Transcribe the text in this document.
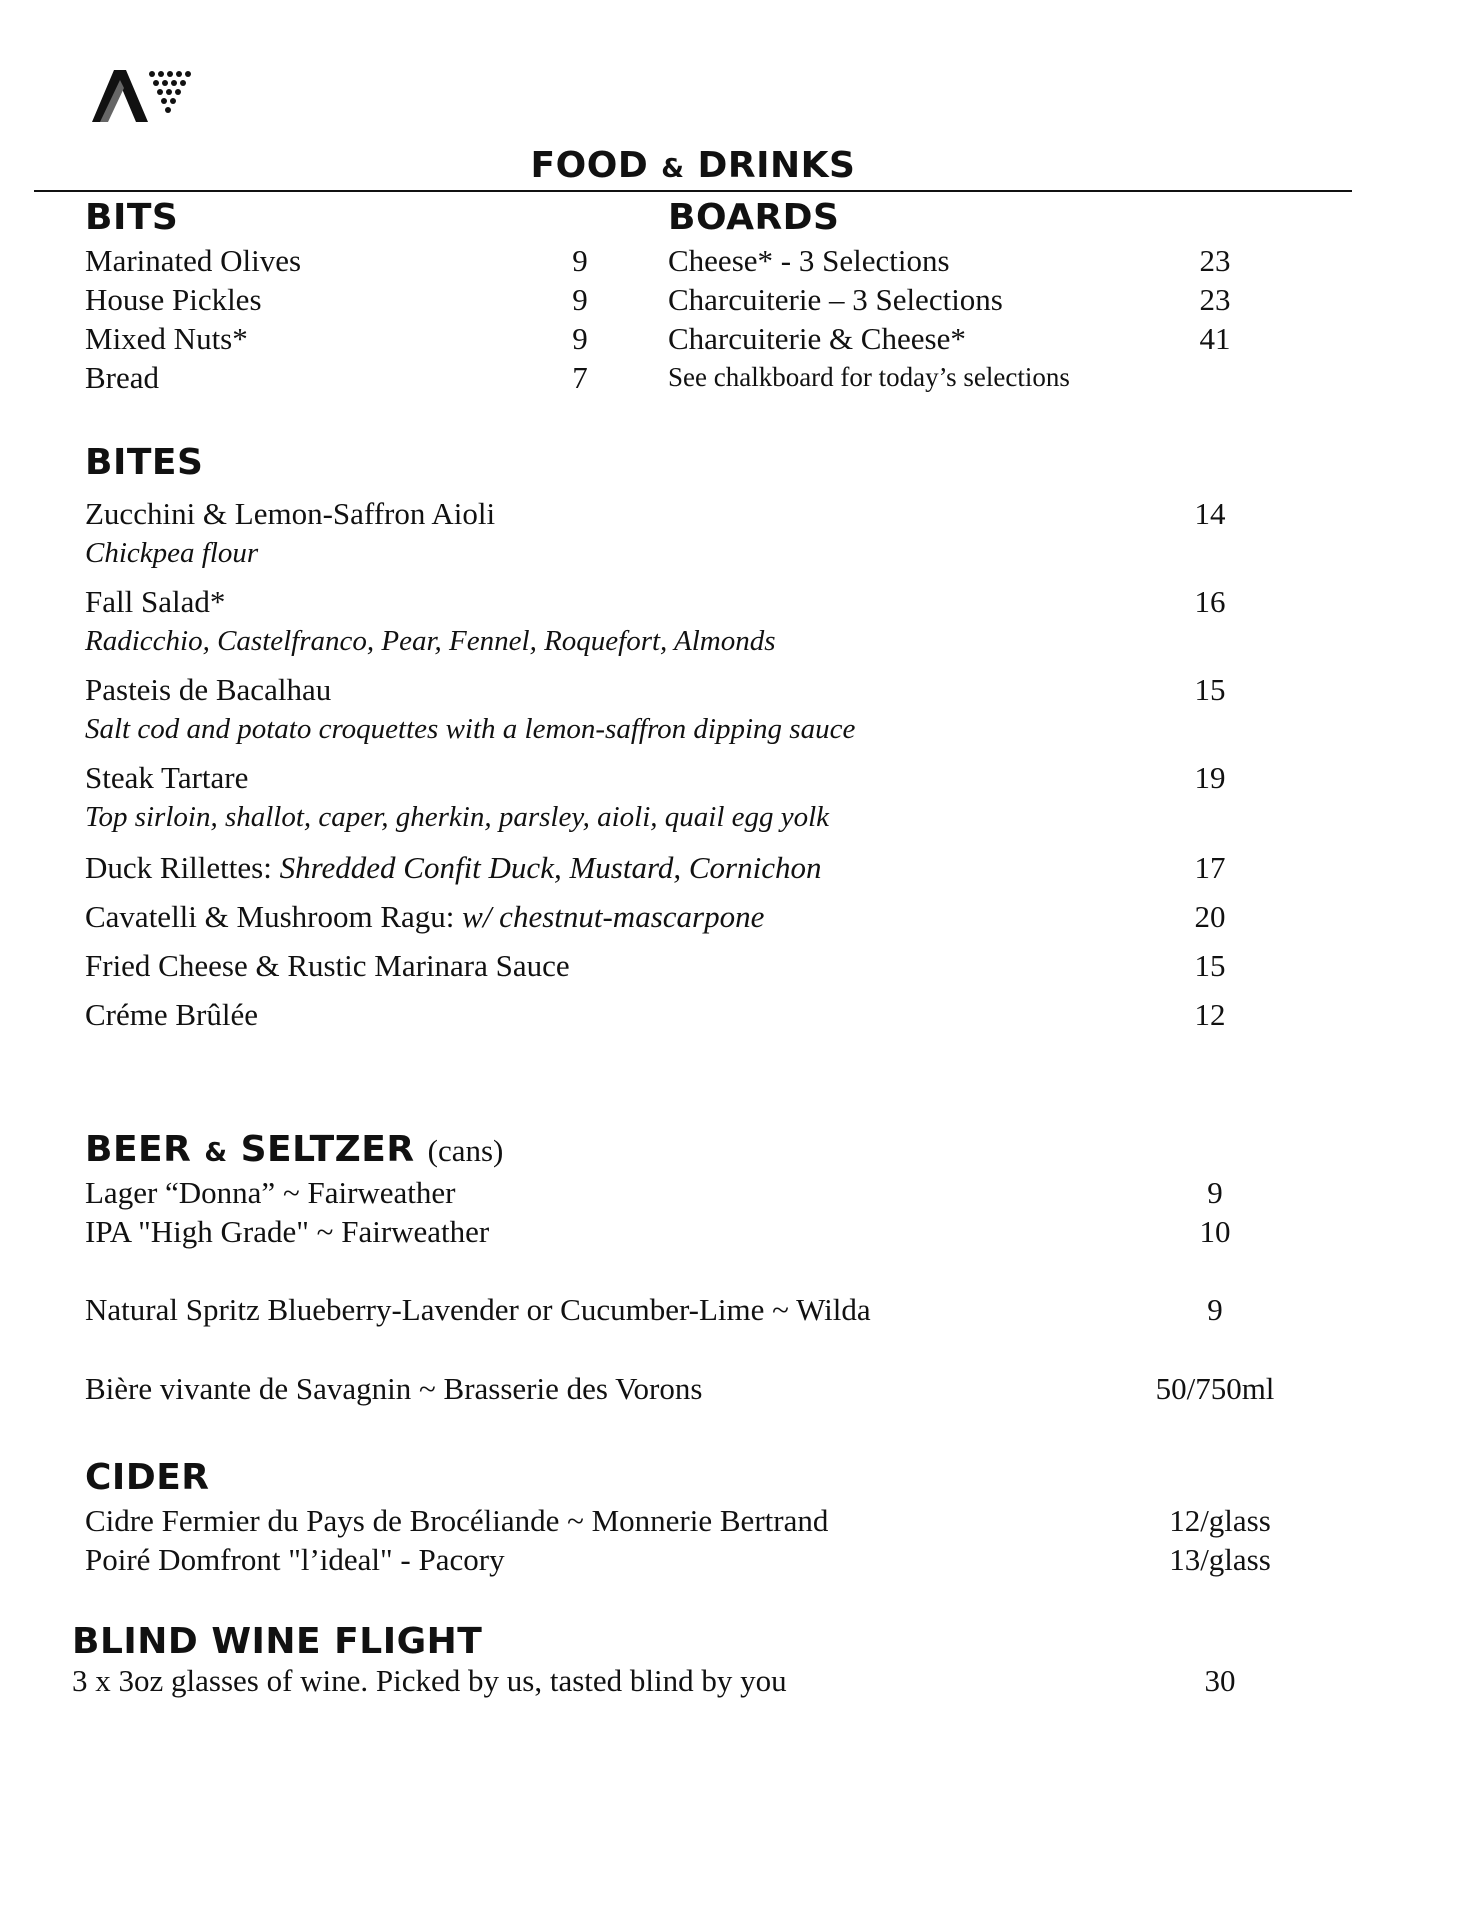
FOOD & DRINKS
BITS
Marinated Olives	9
House Pickles	9
Mixed Nuts*	9
Bread	7
BOARDS
Cheese* - 3 Selections	23
Charcuiterie – 3 Selections	23
Charcuiterie & Cheese*	41
See chalkboard for today’s selections
BITES
Zucchini & Lemon-Saffron Aioli
Chickpea flour
14
Fall Salad*
Radicchio, Castelfranco, Pear, Fennel, Roquefort, Almonds
16
Pasteis de Bacalhau
Salt cod and potato croquettes with a lemon-saffron dipping sauce
15
Steak Tartare
Top sirloin, shallot, caper, gherkin, parsley, aioli, quail egg yolk
19
Duck Rillettes: Shredded Confit Duck, Mustard, Cornichon	17
Cavatelli & Mushroom Ragu: w/ chestnut-mascarpone	20
Fried Cheese & Rustic Marinara Sauce	15
Créme Brûlée	12
BEER & SELTZER (cans)
Lager “Donna” ~ Fairweather	9
IPA "High Grade" ~ Fairweather	10
Natural Spritz Blueberry-Lavender or Cucumber-Lime ~ Wilda	9
Bière vivante de Savagnin ~ Brasserie des Vorons	50/750ml
CIDER
Cidre Fermier du Pays de Brocéliande ~ Monnerie Bertrand	12/glass
Poiré Domfront "l’ideal" - Pacory	13/glass
BLIND WINE FLIGHT
3 x 3oz glasses of wine. Picked by us, tasted blind by you	30
